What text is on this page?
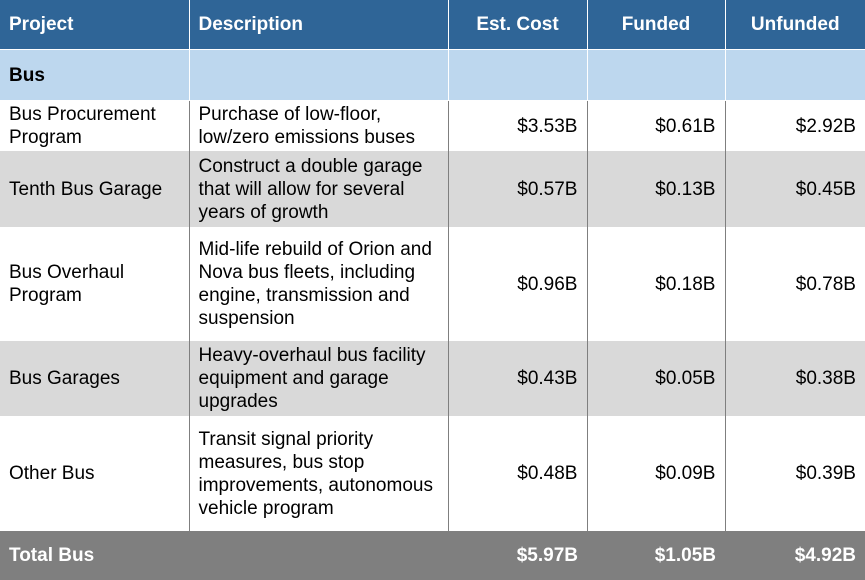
Project	Description	Est. Cost	Funded	Unfunded
Bus				
Bus Procurement Program	Purchase of low-floor, low/zero emissions buses	$3.53B	$0.61B	$2.92B
Tenth Bus Garage	Construct a double garage that will allow for several years of growth	$0.57B	$0.13B	$0.45B
Bus Overhaul Program	Mid-life rebuild of Orion and Nova bus fleets, including engine, transmission and suspension	$0.96B	$0.18B	$0.78B
Bus Garages	Heavy-overhaul bus facility equipment and garage upgrades	$0.43B	$0.05B	$0.38B
Other Bus	Transit signal priority measures, bus stop improvements, autonomous vehicle program	$0.48B	$0.09B	$0.39B
Total Bus		$5.97B	$1.05B	$4.92B
